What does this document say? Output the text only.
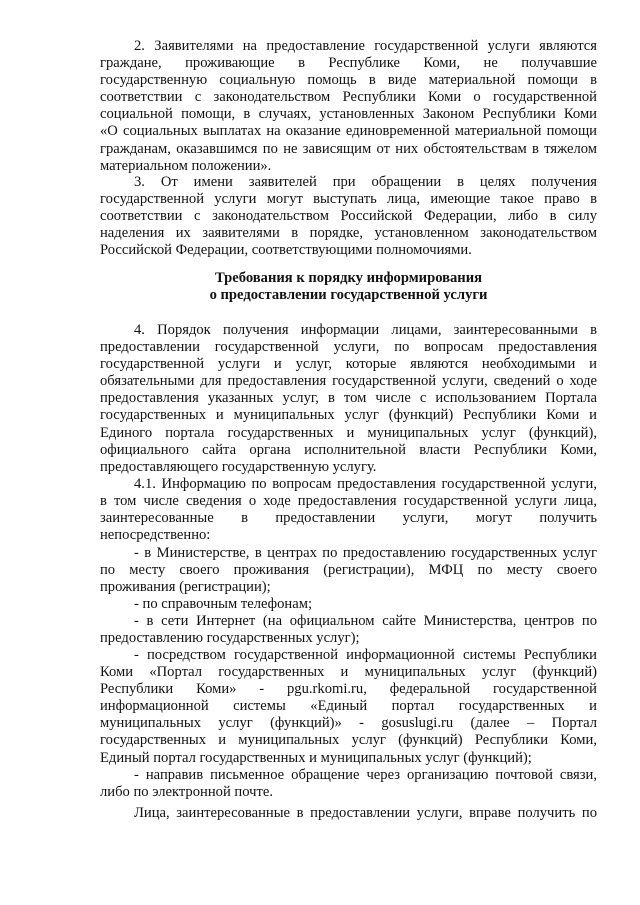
2. Заявителями на предоставление государственной услуги являются
граждане, проживающие в Республике Коми, не получавшие
государственную социальную помощь в виде материальной помощи в
соответствии с законодательством Республики Коми о государственной
социальной помощи, в случаях, установленных Законом Республики Коми
«О социальных выплатах на оказание единовременной материальной помощи
гражданам, оказавшимся по не зависящим от них обстоятельствам в тяжелом
материальном положении».
3. От имени заявителей при обращении в целях получения
государственной услуги могут выступать лица, имеющие такое право в
соответствии с законодательством Российской Федерации, либо в силу
наделения их заявителями в порядке, установленном законодательством
Российской Федерации, соответствующими полномочиями.
Требования к порядку информирования
о предоставлении государственной услуги
4. Порядок получения информации лицами, заинтересованными в
предоставлении государственной услуги, по вопросам предоставления
государственной услуги и услуг, которые являются необходимыми и
обязательными для предоставления государственной услуги, сведений о ходе
предоставления указанных услуг, в том числе с использованием Портала
государственных и муниципальных услуг (функций) Республики Коми и
Единого портала государственных и муниципальных услуг (функций),
официального сайта органа исполнительной власти Республики Коми,
предоставляющего государственную услугу.
4.1. Информацию по вопросам предоставления государственной услуги,
в том числе сведения о ходе предоставления государственной услуги лица,
заинтересованные в предоставлении услуги, могут получить
непосредственно:
- в Министерстве, в центрах по предоставлению государственных услуг
по месту своего проживания (регистрации), МФЦ по месту своего
проживания (регистрации);
- по справочным телефонам;
- в сети Интернет (на официальном сайте Министерства, центров по
предоставлению государственных услуг);
- посредством государственной информационной системы Республики
Коми «Портал государственных и муниципальных услуг (функций)
Республики Коми» - pgu.rkomi.ru, федеральной государственной
информационной системы «Единый портал государственных и
муниципальных услуг (функций)» - gosuslugi.ru (далее – Портал
государственных и муниципальных услуг (функций) Республики Коми,
Единый портал государственных и муниципальных услуг (функций);
- направив письменное обращение через организацию почтовой связи,
либо по электронной почте.
Лица, заинтересованные в предоставлении услуги, вправе получить по
